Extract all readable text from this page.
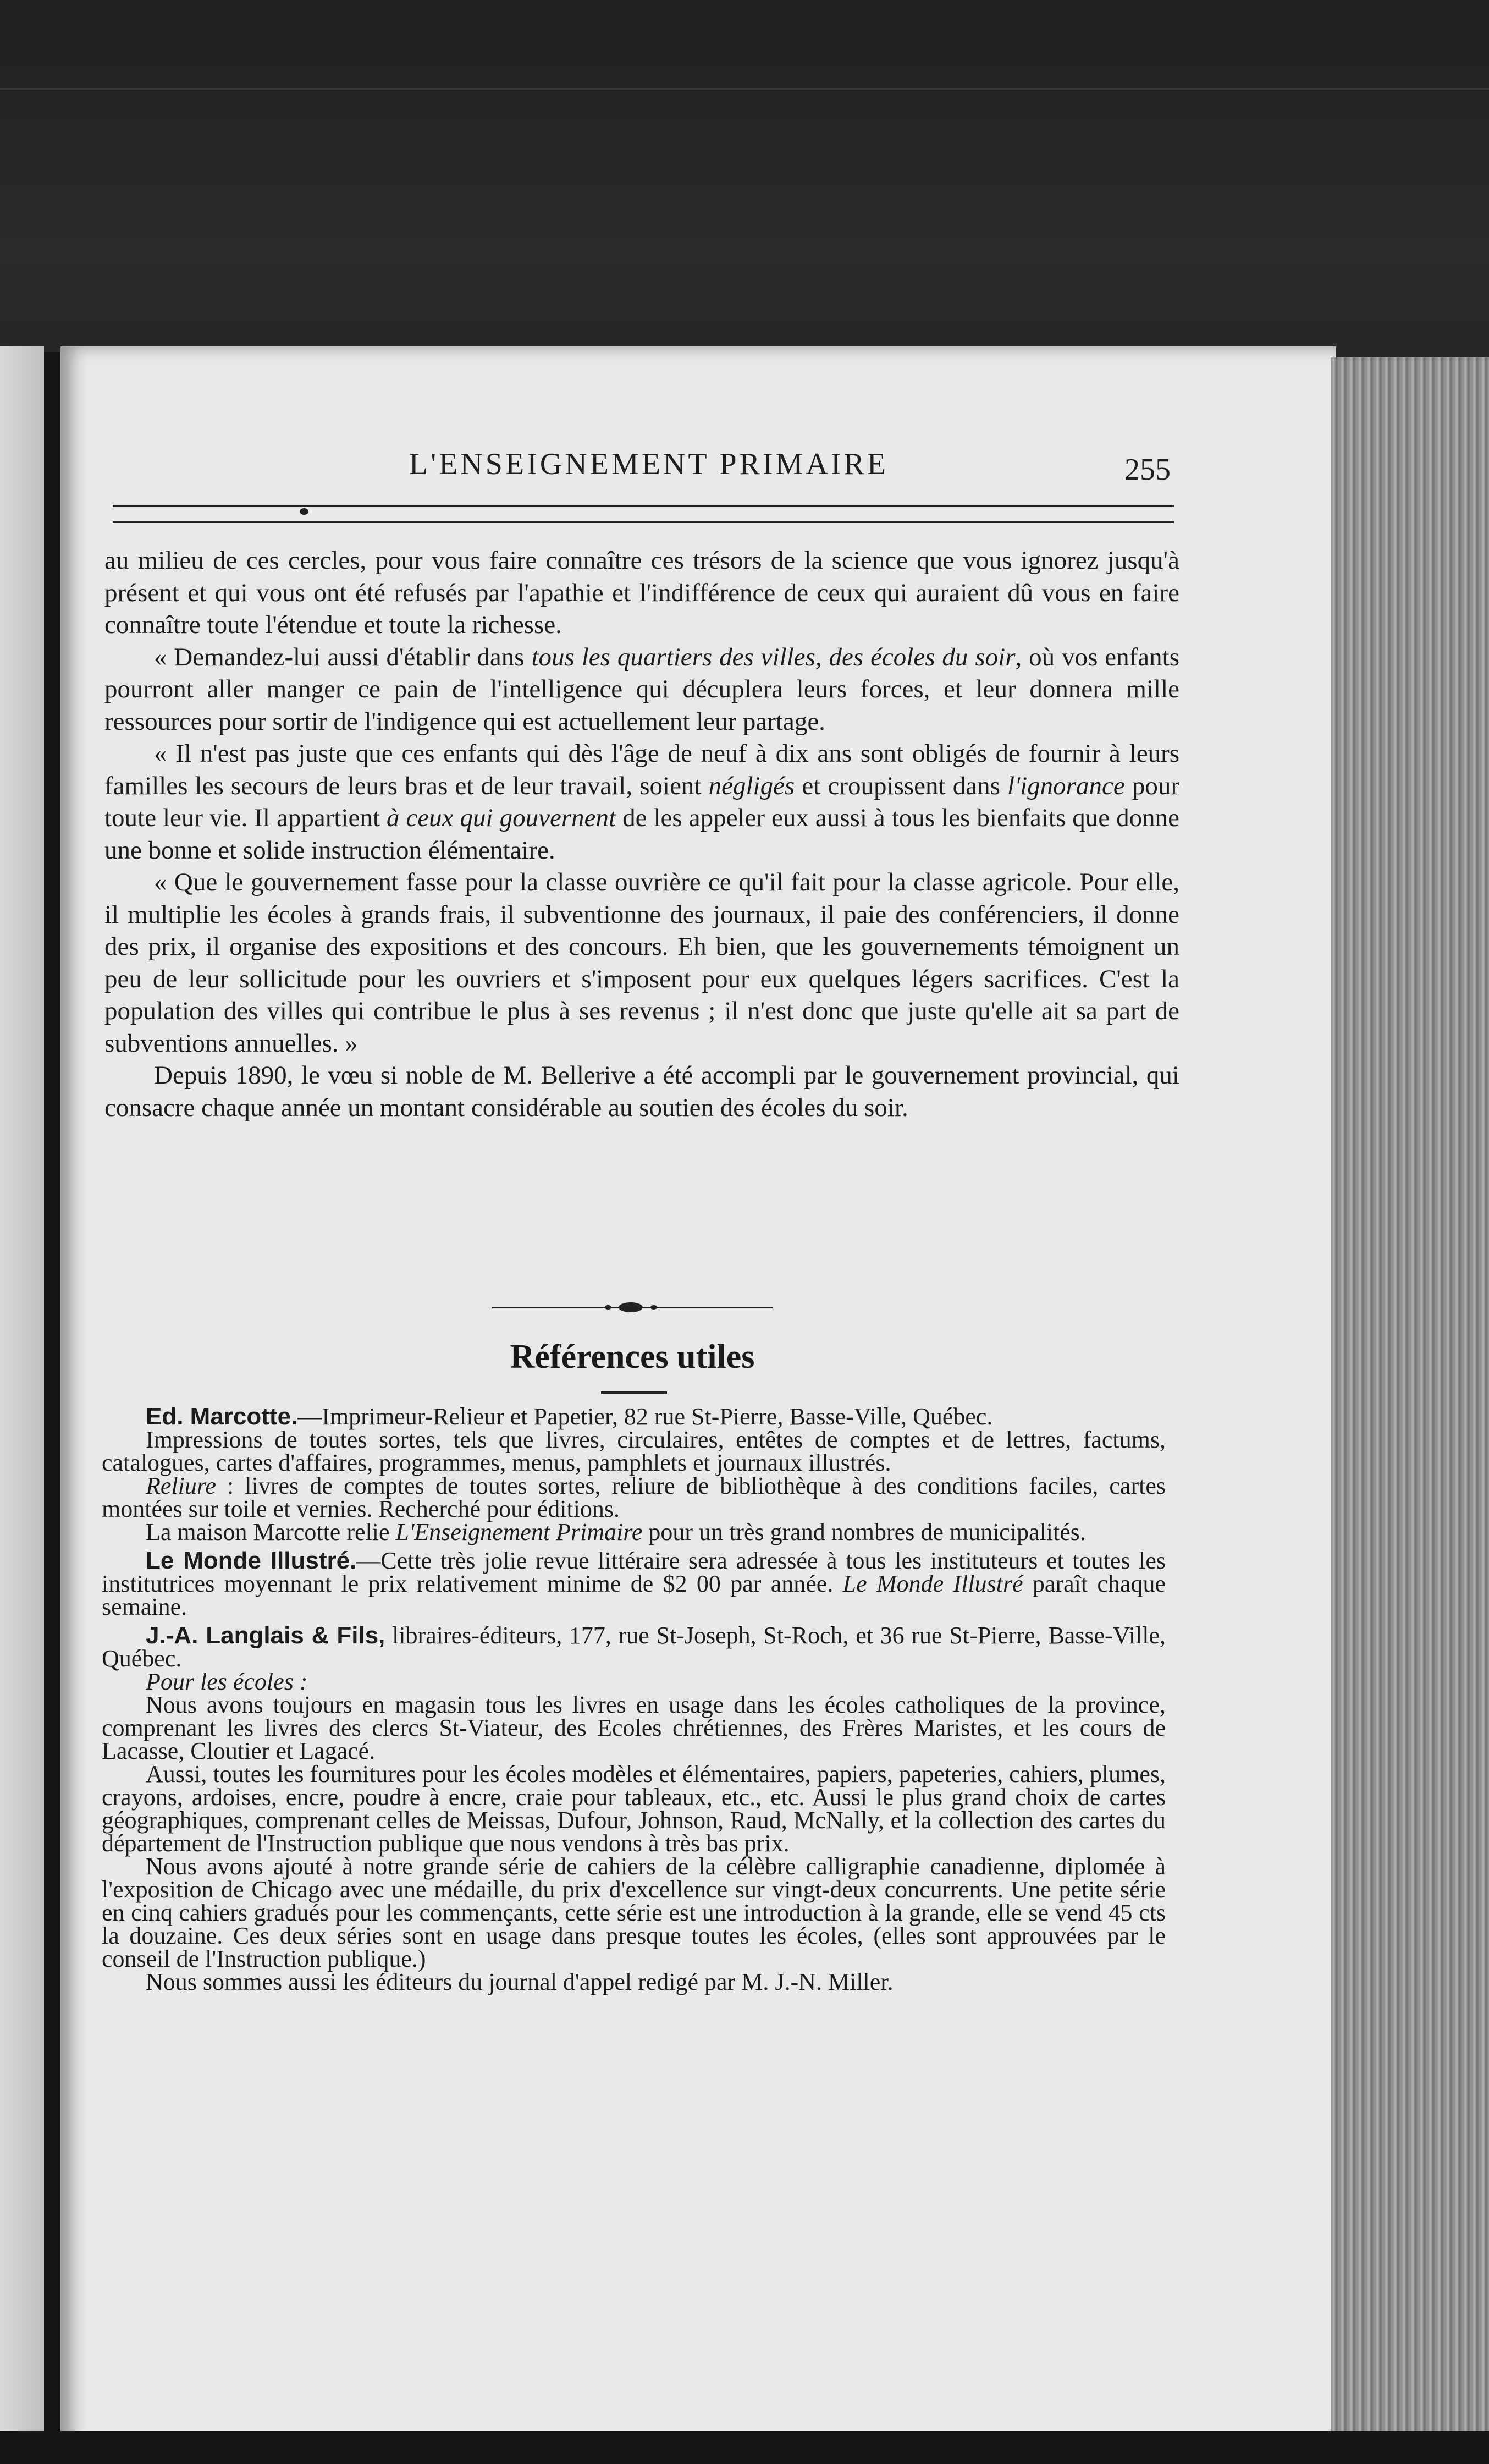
L'ENSEIGNEMENT PRIMAIRE	255

au milieu de ces cercles, pour vous faire connaître ces trésors de la science que vous ignorez jusqu'à présent et qui vous ont été refusés par l'apathie et l'indifférence de ceux qui auraient dû vous en faire connaître toute l'étendue et toute la richesse.

« Demandez-lui aussi d'établir dans tous les quartiers des villes, des écoles du soir, où vos enfants pourront aller manger ce pain de l'intelligence qui décuplera leurs forces, et leur donnera mille ressources pour sortir de l'indigence qui est actuellement leur partage.

« Il n'est pas juste que ces enfants qui dès l'âge de neuf à dix ans sont obligés de fournir à leurs familles les secours de leurs bras et de leur travail, soient négligés et croupissent dans l'ignorance pour toute leur vie. Il appartient à ceux qui gouvernent de les appeler eux aussi à tous les bienfaits que donne une bonne et solide instruction élémentaire.

« Que le gouvernement fasse pour la classe ouvrière ce qu'il fait pour la classe agricole. Pour elle, il multiplie les écoles à grands frais, il subventionne des journaux, il paie des conférenciers, il donne des prix, il organise des expositions et des concours. Eh bien, que les gouvernements témoignent un peu de leur sollicitude pour les ouvriers et s'imposent pour eux quelques légers sacrifices. C'est la population des villes qui contribue le plus à ses revenus ; il n'est donc que juste qu'elle ait sa part de subventions annuelles. »

Depuis 1890, le vœu si noble de M. Bellerive a été accompli par le gouvernement provincial, qui consacre chaque année un montant considérable au soutien des écoles du soir.

Références utiles

Ed. Marcotte.—Imprimeur-Relieur et Papetier, 82 rue St-Pierre, Basse-Ville, Québec.

Impressions de toutes sortes, tels que livres, circulaires, entêtes de comptes et de lettres, factums, catalogues, cartes d'affaires, programmes, menus, pamphlets et journaux illustrés.

Reliure : livres de comptes de toutes sortes, reliure de bibliothèque à des conditions faciles, cartes montées sur toile et vernies. Recherché pour éditions.

La maison Marcotte relie L'Enseignement Primaire pour un très grand nombres de municipalités.

Le Monde Illustré.—Cette très jolie revue littéraire sera adressée à tous les instituteurs et toutes les institutrices moyennant le prix relativement minime de $2 00 par année. Le Monde Illustré paraît chaque semaine.

J.-A. Langlais & Fils, libraires-éditeurs, 177, rue St-Joseph, St-Roch, et 36 rue St-Pierre, Basse-Ville, Québec.

Pour les écoles :

Nous avons toujours en magasin tous les livres en usage dans les écoles catholiques de la province, comprenant les livres des clercs St-Viateur, des Ecoles chrétiennes, des Frères Maristes, et les cours de Lacasse, Cloutier et Lagacé.

Aussi, toutes les fournitures pour les écoles modèles et élémentaires, papiers, papeteries, cahiers, plumes, crayons, ardoises, encre, poudre à encre, craie pour tableaux, etc., etc. Aussi le plus grand choix de cartes géographiques, comprenant celles de Meissas, Dufour, Johnson, Raud, McNally, et la collection des cartes du département de l'Instruction publique que nous vendons à très bas prix.

Nous avons ajouté à notre grande série de cahiers de la célèbre calligraphie canadienne, diplomée à l'exposition de Chicago avec une médaille, du prix d'excellence sur vingt-deux concurrents. Une petite série en cinq cahiers gradués pour les commençants, cette série est une introduction à la grande, elle se vend 45 cts la douzaine. Ces deux séries sont en usage dans presque toutes les écoles, (elles sont approuvées par le conseil de l'Instruction publique.)

Nous sommes aussi les éditeurs du journal d'appel redigé par M. J.-N. Miller.
